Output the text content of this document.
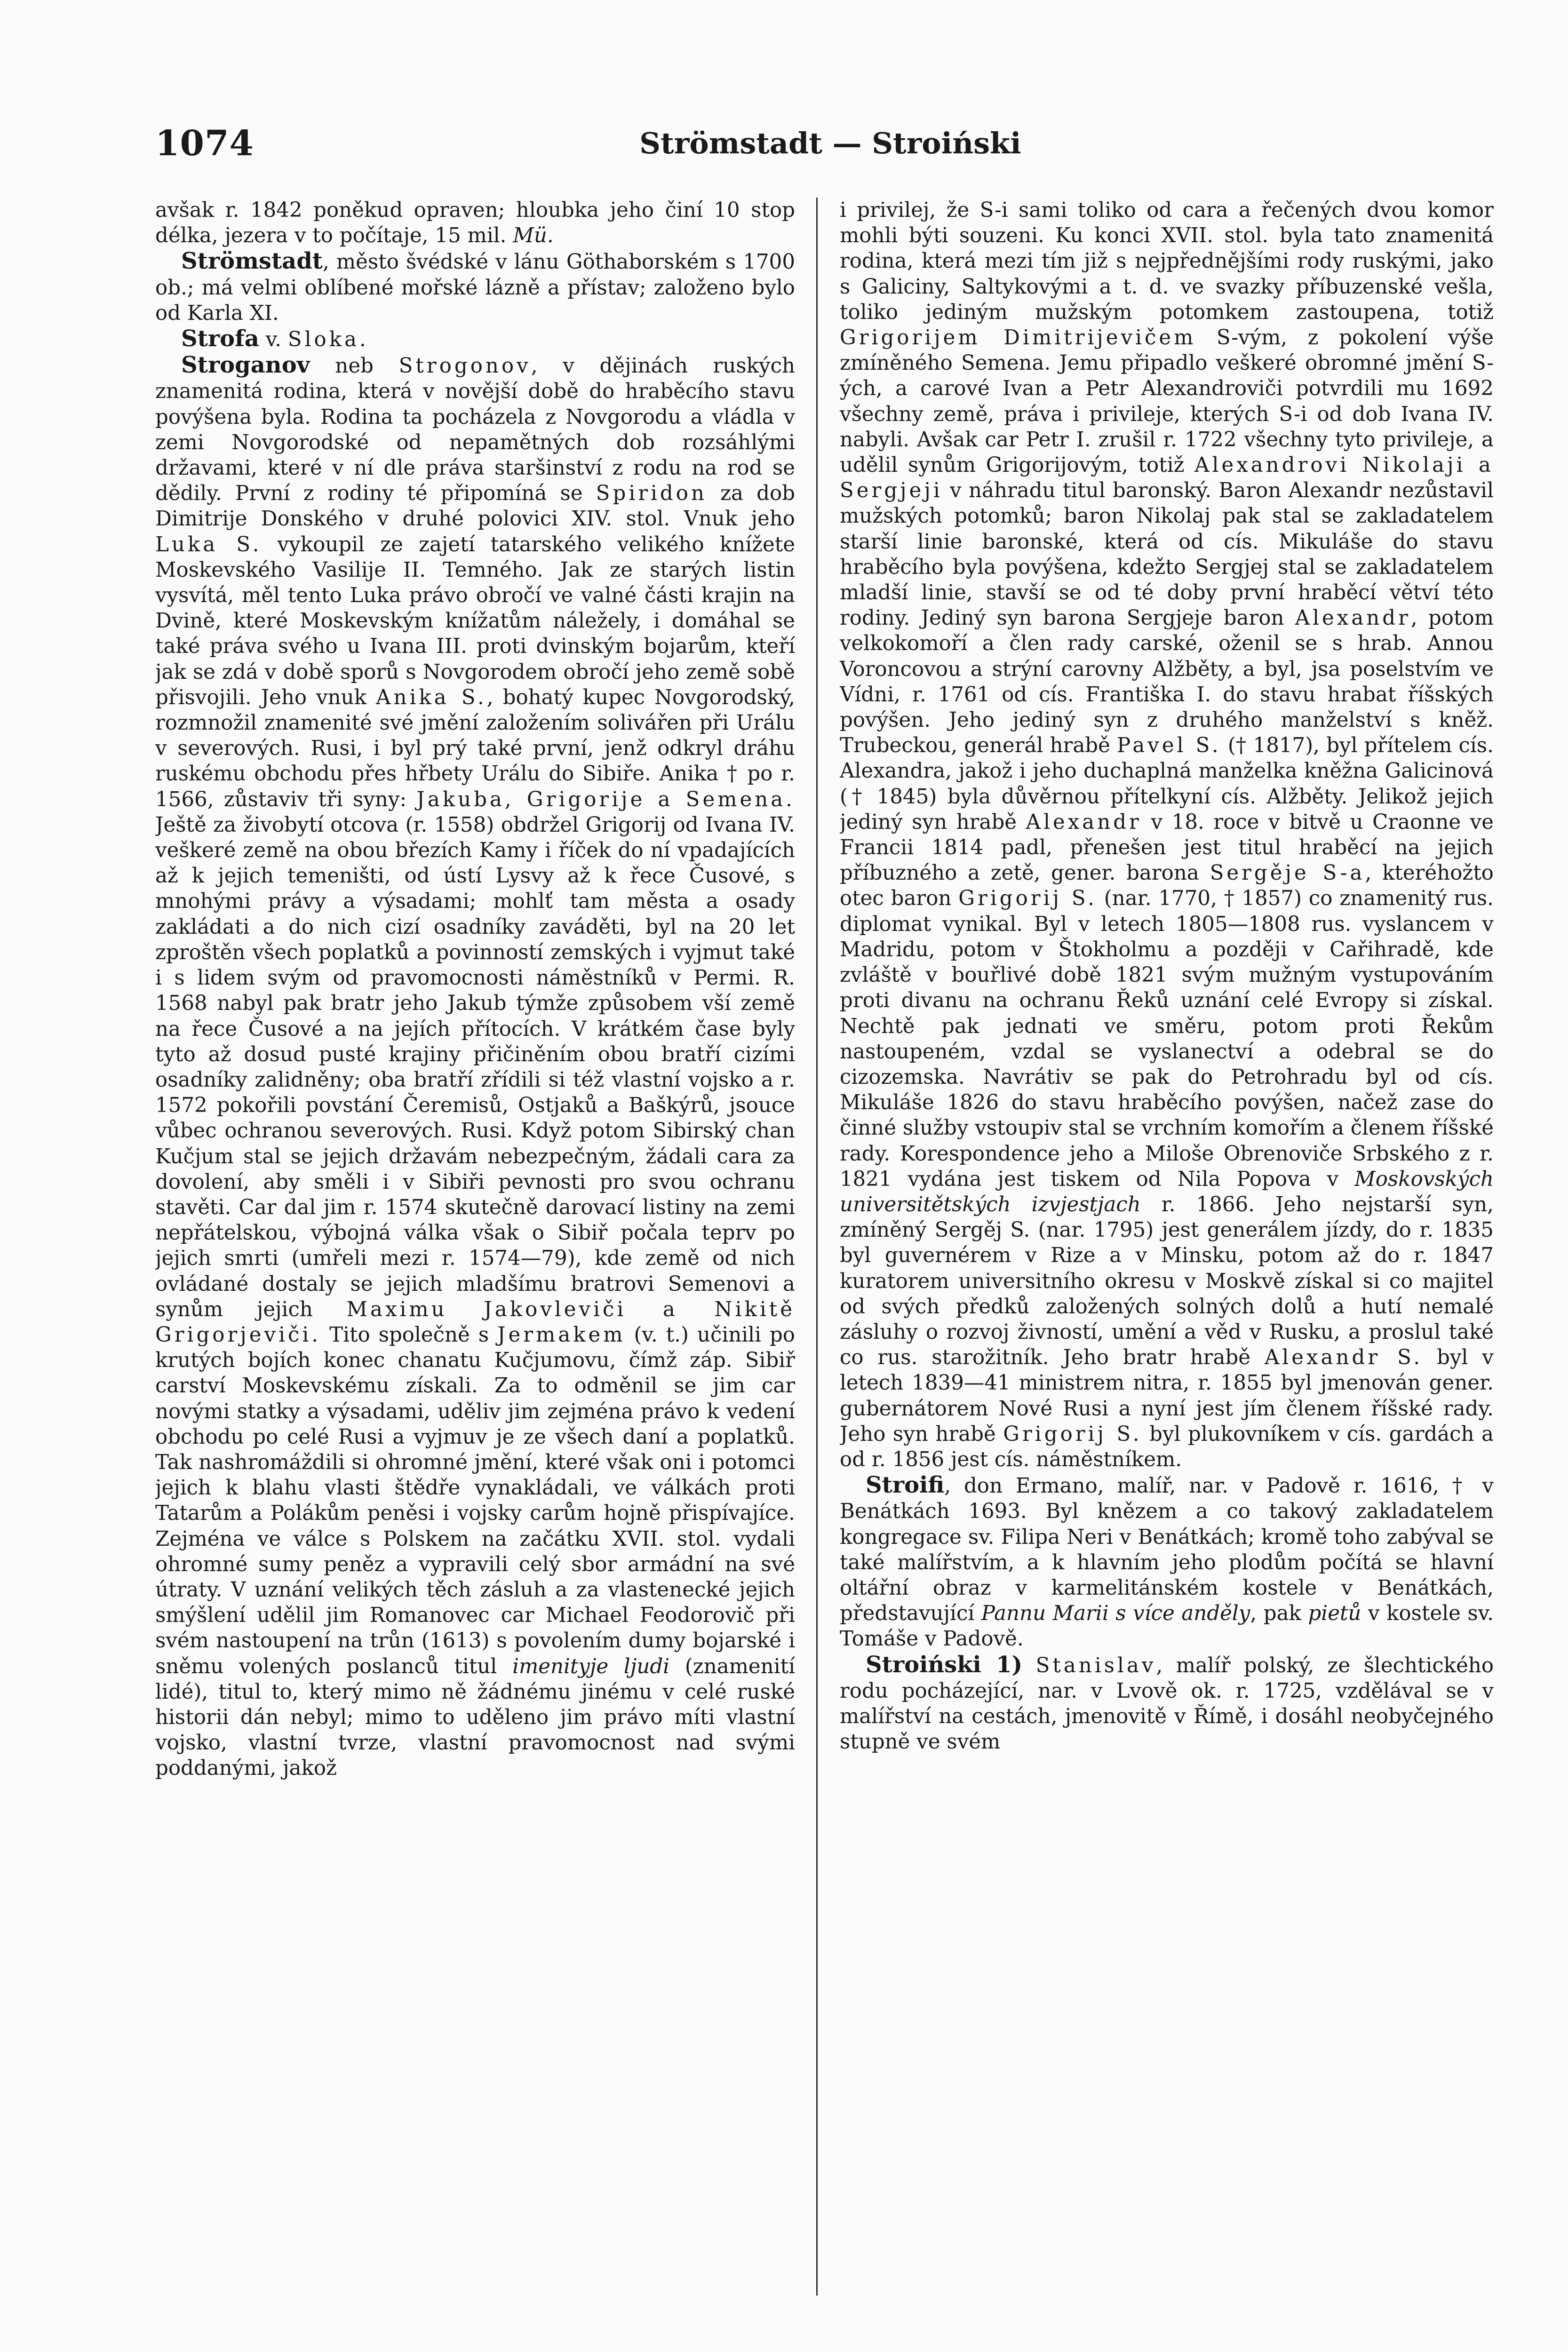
1074	Strömstadt — Stroiński

avšak r. 1842 poněkud opraven; hloubka jeho činí 10 stop délka, jezera v to počítaje, 15 mil. Mü.

Strömstadt, město švédské v lánu Göthaborském s 1700 ob.; má velmi oblíbené mořské lázně a přístav; založeno bylo od Karla XI.

Strofa v. Sloka.

Stroganov neb Strogonov, v dějinách ruských znamenitá rodina, která v novější době do hraběcího stavu povýšena byla. Rodina ta pocházela z Novgorodu a vládla v zemi Novgorodské od nepamětných dob rozsáhlými državami, které v ní dle práva staršinství z rodu na rod se dědily. První z rodiny té připomíná se Spiridon za dob Dimitrije Donského v druhé polovici XIV. stol. Vnuk jeho Luka S. vykoupil ze zajetí tatarského velikého knížete Moskevského Vasilije II. Temného. Jak ze starých listin vysvítá, měl tento Luka právo obročí ve valné části krajin na Dvině, které Moskevským knížatům náležely, i domáhal se také práva svého u Ivana III. proti dvinským bojarům, kteří jak se zdá v době sporů s Novgorodem obročí jeho země sobě přisvojili. Jeho vnuk Anika S., bohatý kupec Novgorodský, rozmnožil znamenité své jmění založením solivářen při Urálu v severových. Rusi, i byl prý také první, jenž odkryl dráhu ruskému obchodu přes hřbety Urálu do Sibiře. Anika † po r. 1566, zůstaviv tři syny: Jakuba, Grigorije a Semena. Ještě za živobytí otcova (r. 1558) obdržel Grigorij od Ivana IV. veškeré země na obou březích Kamy i říček do ní vpadajících až k jejich temeništi, od ústí Lysvy až k řece Čusové, s mnohými právy a výsadami; mohlť tam města a osady zakládati a do nich cizí osadníky zaváděti, byl na 20 let zproštěn všech poplatků a povinností zemských i vyjmut také i s lidem svým od pravomocnosti náměstníků v Permi. R. 1568 nabyl pak bratr jeho Jakub týmže způsobem vší země na řece Čusové a na jejích přítocích. V krátkém čase byly tyto až dosud pusté krajiny přičiněním obou bratří cizími osadníky zalidněny; oba bratří zřídili si též vlastní vojsko a r. 1572 pokořili povstání Čeremisů, Ostjaků a Baškýrů, jsouce vůbec ochranou severových. Rusi. Když potom Sibirský chan Kučjum stal se jejich državám nebezpečným, žádali cara za dovolení, aby směli i v Sibiři pevnosti pro svou ochranu stavěti. Car dal jim r. 1574 skutečně darovací listiny na zemi nepřátelskou, výbojná válka však o Sibiř počala teprv po jejich smrti (umřeli mezi r. 1574—79), kde země od nich ovládané dostaly se jejich mladšímu bratrovi Semenovi a synům jejich Maximu Jakovleviči a Nikitě Grigorjeviči. Tito společně s Jermakem (v. t.) učinili po krutých bojích konec chanatu Kučjumovu, čímž záp. Sibiř carství Moskevskému získali. Za to odměnil se jim car novými statky a výsadami, uděliv jim zejména právo k vedení obchodu po celé Rusi a vyjmuv je ze všech daní a poplatků. Tak nashromáždili si ohromné jmění, které však oni i potomci jejich k blahu vlasti štědře vynakládali, ve válkách proti Tatarům a Polákům peněsi i vojsky carům hojně přispívajíce. Zejména ve válce s Polskem na začátku XVII. stol. vydali ohromné sumy peněz a vypravili celý sbor armádní na své útraty. V uznání velikých těch zásluh a za vlastenecké jejich smýšlení udělil jim Romanovec car Michael Feodorovič při svém nastoupení na trůn (1613) s povolením dumy bojarské i sněmu volených poslanců titul imenityje ljudi (znamenití lidé), titul to, který mimo ně žádnému jinému v celé ruské historii dán nebyl; mimo to uděleno jim právo míti vlastní vojsko, vlastní tvrze, vlastní pravomocnost nad svými poddanými, jakož

i privilej, že S-i sami toliko od cara a řečených dvou komor mohli býti souzeni. Ku konci XVII. stol. byla tato znamenitá rodina, která mezi tím již s nejpřednějšími rody ruskými, jako s Galiciny, Saltykovými a t. d. ve svazky příbuzenské vešla, toliko jediným mužským potomkem zastoupena, totiž Grigorijem Dimitrijevičem S-vým, z pokolení výše zmíněného Semena. Jemu připadlo veškeré obromné jmění S-ých, a carové Ivan a Petr Alexandroviči potvrdili mu 1692 všechny země, práva i privileje, kterých S-i od dob Ivana IV. nabyli. Avšak car Petr I. zrušil r. 1722 všechny tyto privileje, a udělil synům Grigorijovým, totiž Alexandrovi Nikolaji a Sergjeji v náhradu titul baronský. Baron Alexandr nezůstavil mužských potomků; baron Nikolaj pak stal se zakladatelem starší linie baronské, která od cís. Mikuláše do stavu hraběcího byla povýšena, kdežto Sergjej stal se zakladatelem mladší linie, stavší se od té doby první hraběcí větví této rodiny. Jediný syn barona Sergjeje baron Alexandr, potom velkokomoří a člen rady carské, oženil se s hrab. Annou Voroncovou a strýní carovny Alžběty, a byl, jsa poselstvím ve Vídni, r. 1761 od cís. Františka I. do stavu hrabat říšských povýšen. Jeho jediný syn z druhého manželství s kněž. Trubeckou, generál hrabě Pavel S. († 1817), byl přítelem cís. Alexandra, jakož i jeho duchaplná manželka kněžna Galicinová († 1845) byla důvěrnou přítelkyní cís. Alžběty. Jelikož jejich jediný syn hrabě Alexandr v 18. roce v bitvě u Craonne ve Francii 1814 padl, přenešen jest titul hraběcí na jejich příbuzného a zetě, gener. barona Sergěje S-a, kteréhožto otec baron Grigorij S. (nar. 1770, † 1857) co znamenitý rus. diplomat vynikal. Byl v letech 1805—1808 rus. vyslancem v Madridu, potom v Štokholmu a později v Cařihradě, kde zvláště v bouřlivé době 1821 svým mužným vystupováním proti divanu na ochranu Řeků uznání celé Evropy si získal. Nechtě pak jednati ve směru, potom proti Řekům nastoupeném, vzdal se vyslanectví a odebral se do cizozemska. Navrátiv se pak do Petrohradu byl od cís. Mikuláše 1826 do stavu hraběcího povýšen, načež zase do činné služby vstoupiv stal se vrchním komořím a členem říšské rady. Korespondence jeho a Miloše Obrenoviče Srbského z r. 1821 vydána jest tiskem od Nila Popova v Moskovských universitětských izvjestjach r. 1866. Jeho nejstarší syn, zmíněný Sergěj S. (nar. 1795) jest generálem jízdy, do r. 1835 byl guvernérem v Rize a v Minsku, potom až do r. 1847 kuratorem universitního okresu v Moskvě získal si co majitel od svých předků založených solných dolů a hutí nemalé zásluhy o rozvoj živností, umění a věd v Rusku, a proslul také co rus. starožitník. Jeho bratr hrabě Alexandr S. byl v letech 1839—41 ministrem nitra, r. 1855 byl jmenován gener. gubernátorem Nové Rusi a nyní jest jím členem říšské rady. Jeho syn hrabě Grigorij S. byl plukovníkem v cís. gardách a od r. 1856 jest cís. náměstníkem.

Stroifi, don Ermano, malíř, nar. v Padově r. 1616, † v Benátkách 1693. Byl knězem a co takový zakladatelem kongregace sv. Filipa Neri v Benátkách; kromě toho zabýval se také malířstvím, a k hlavním jeho plodům počítá se hlavní oltářní obraz v karmelitánském kostele v Benátkách, představující Pannu Marii s více anděly, pak pietů v kostele sv. Tomáše v Padově.

Stroiński 1) Stanislav, malíř polský, ze šlechtického rodu pocházející, nar. v Lvově ok. r. 1725, vzdělával se v malířství na cestách, jmenovitě v Římě, i dosáhl neobyčejného stupně ve svém
